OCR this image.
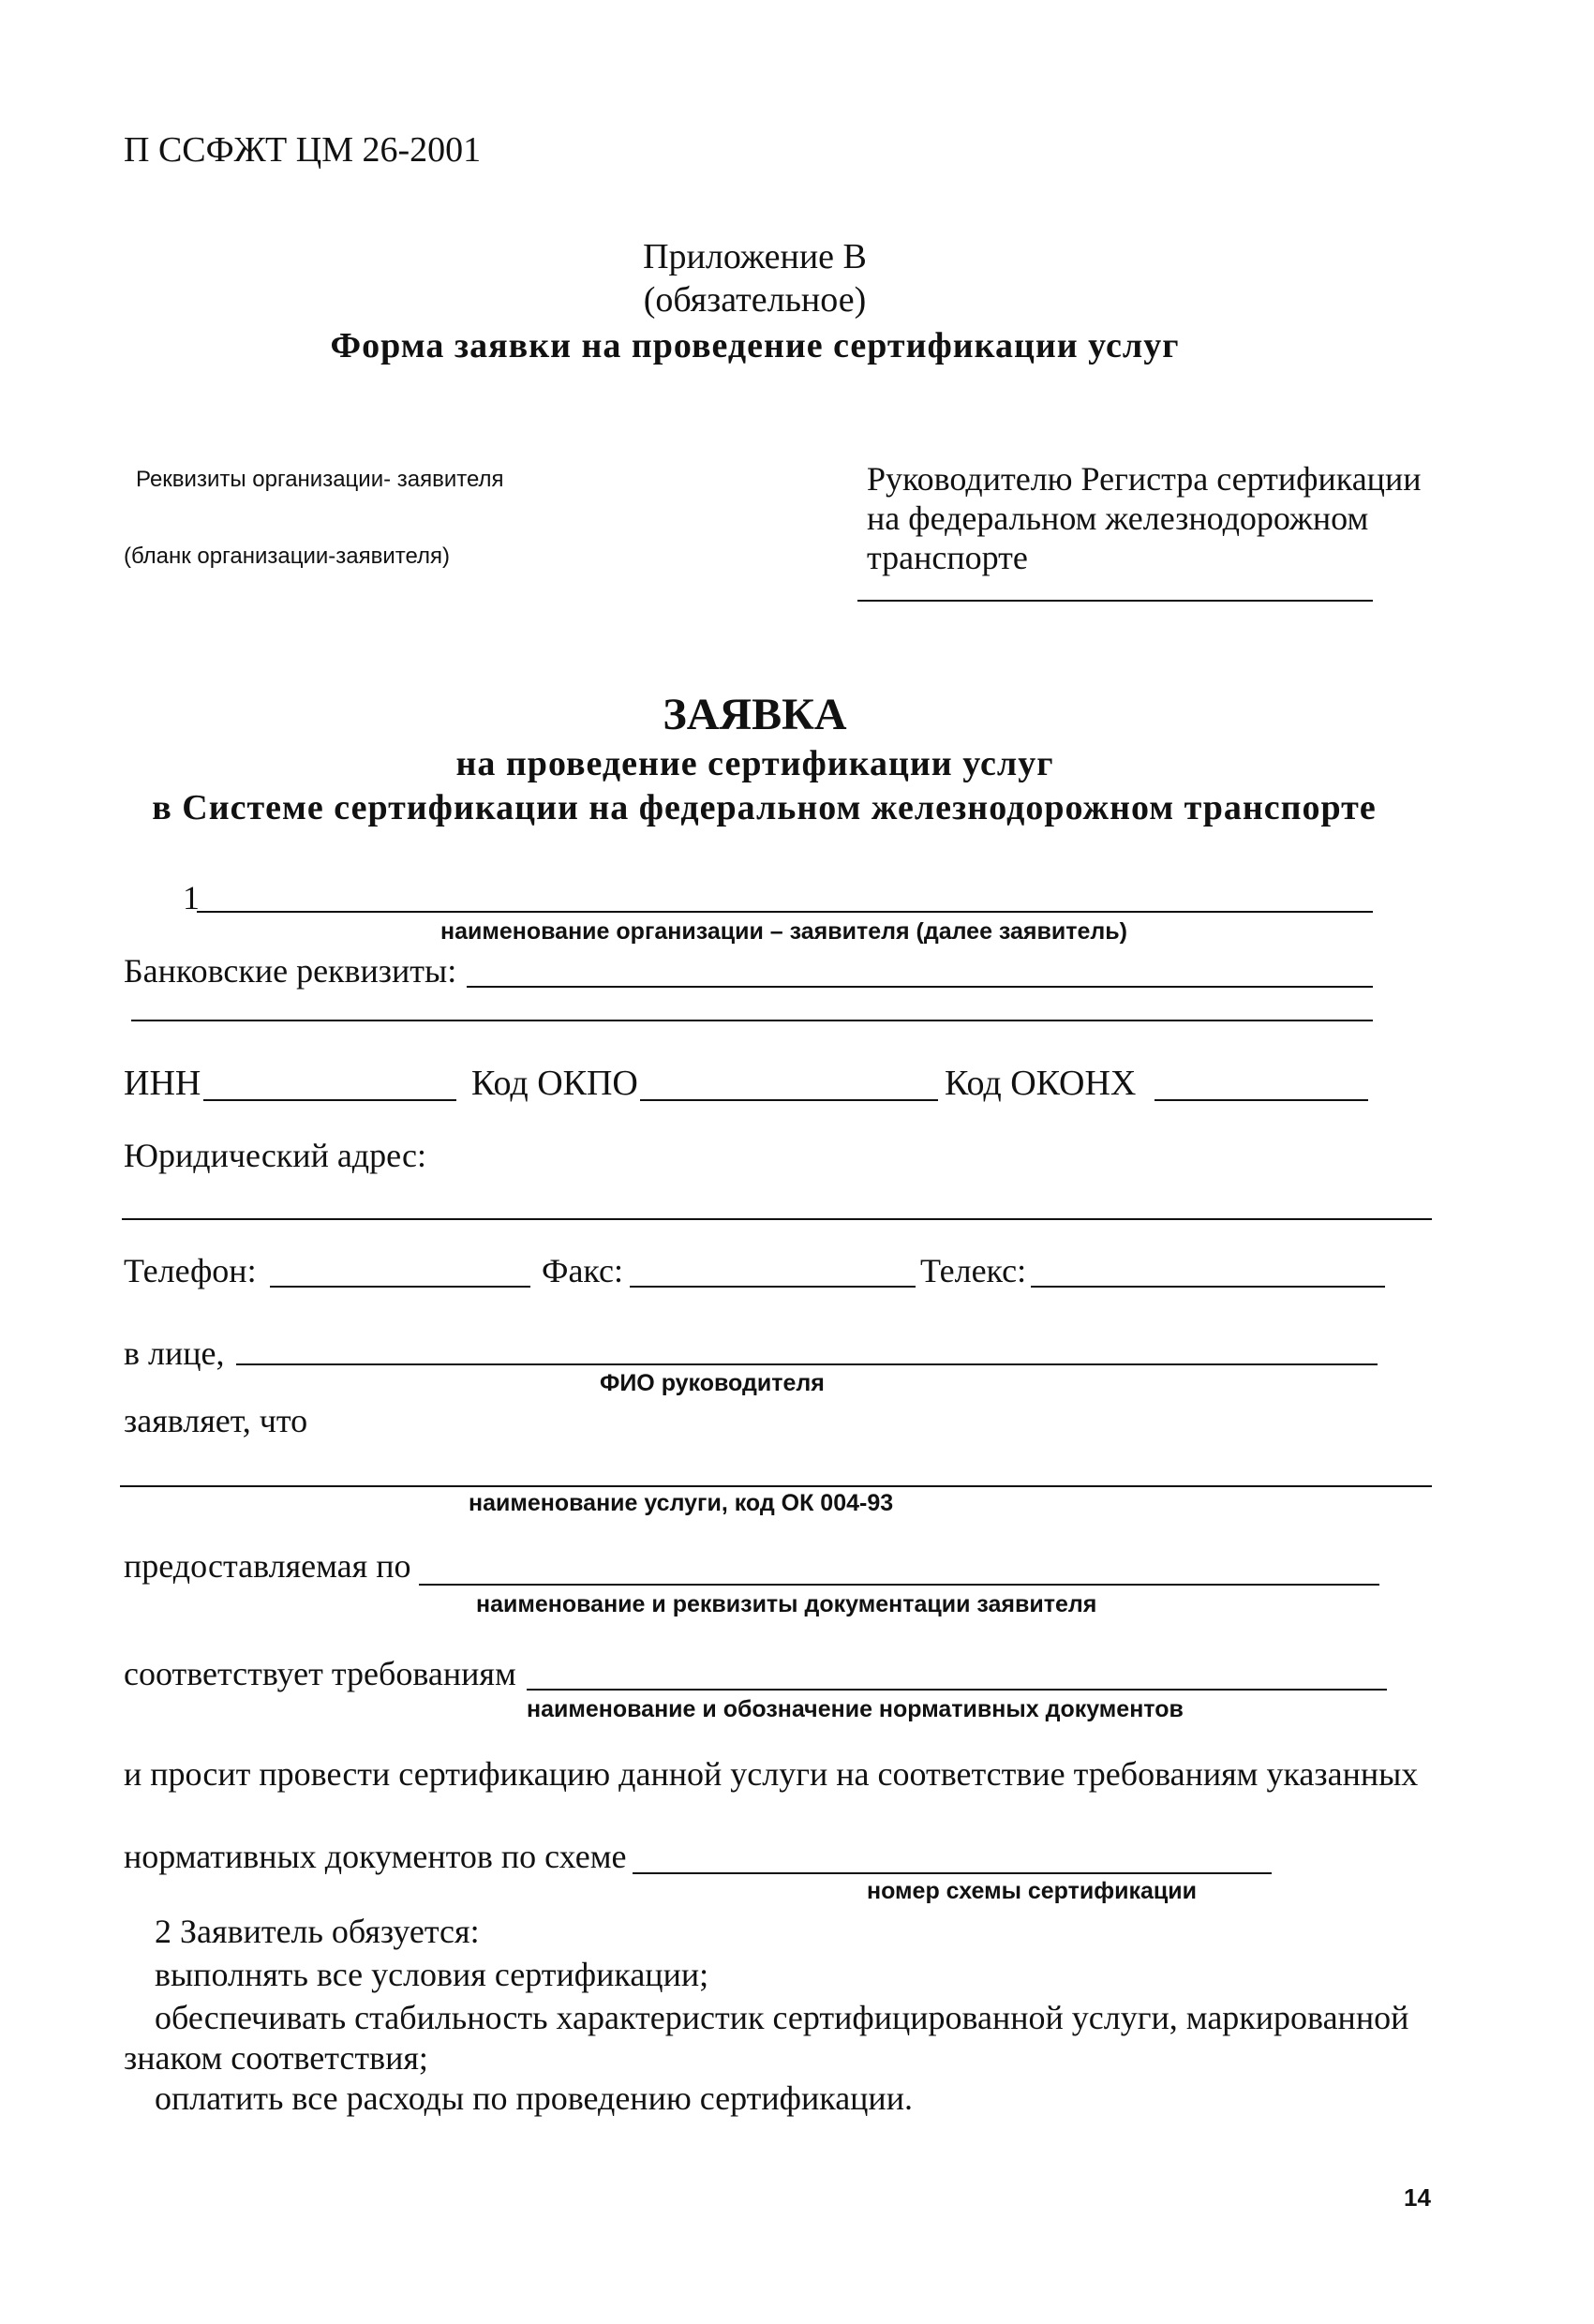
П ССФЖТ ЦМ 26-2001
Приложение В
(обязательное)
Форма заявки на проведение сертификации услуг
Реквизиты организации- заявителя
(бланк организации-заявителя)
Руководителю Регистра сертификации
на федеральном железнодорожном
транспорте
ЗАЯВКА
на проведение сертификации услуг
в Системе сертификации на федеральном железнодорожном транспорте
1
наименование организации – заявителя (далее заявитель)
Банковские реквизиты:
ИНН	Код ОКПО	Код ОКОНХ
Юридический адрес:
Телефон:	Факс:	Телекс:
в лице,
ФИО руководителя
заявляет, что
наименование услуги, код ОК 004-93
предоставляемая по
наименование и реквизиты документации заявителя
соответствует требованиям
наименование и обозначение нормативных документов
и просит провести сертификацию данной услуги на соответствие требованиям указанных
нормативных документов по схеме
номер схемы сертификации
2 Заявитель обязуется:
выполнять все условия сертификации;
обеспечивать стабильность характеристик сертифицированной услуги, маркированной
знаком соответствия;
оплатить все расходы по проведению сертификации.
14
